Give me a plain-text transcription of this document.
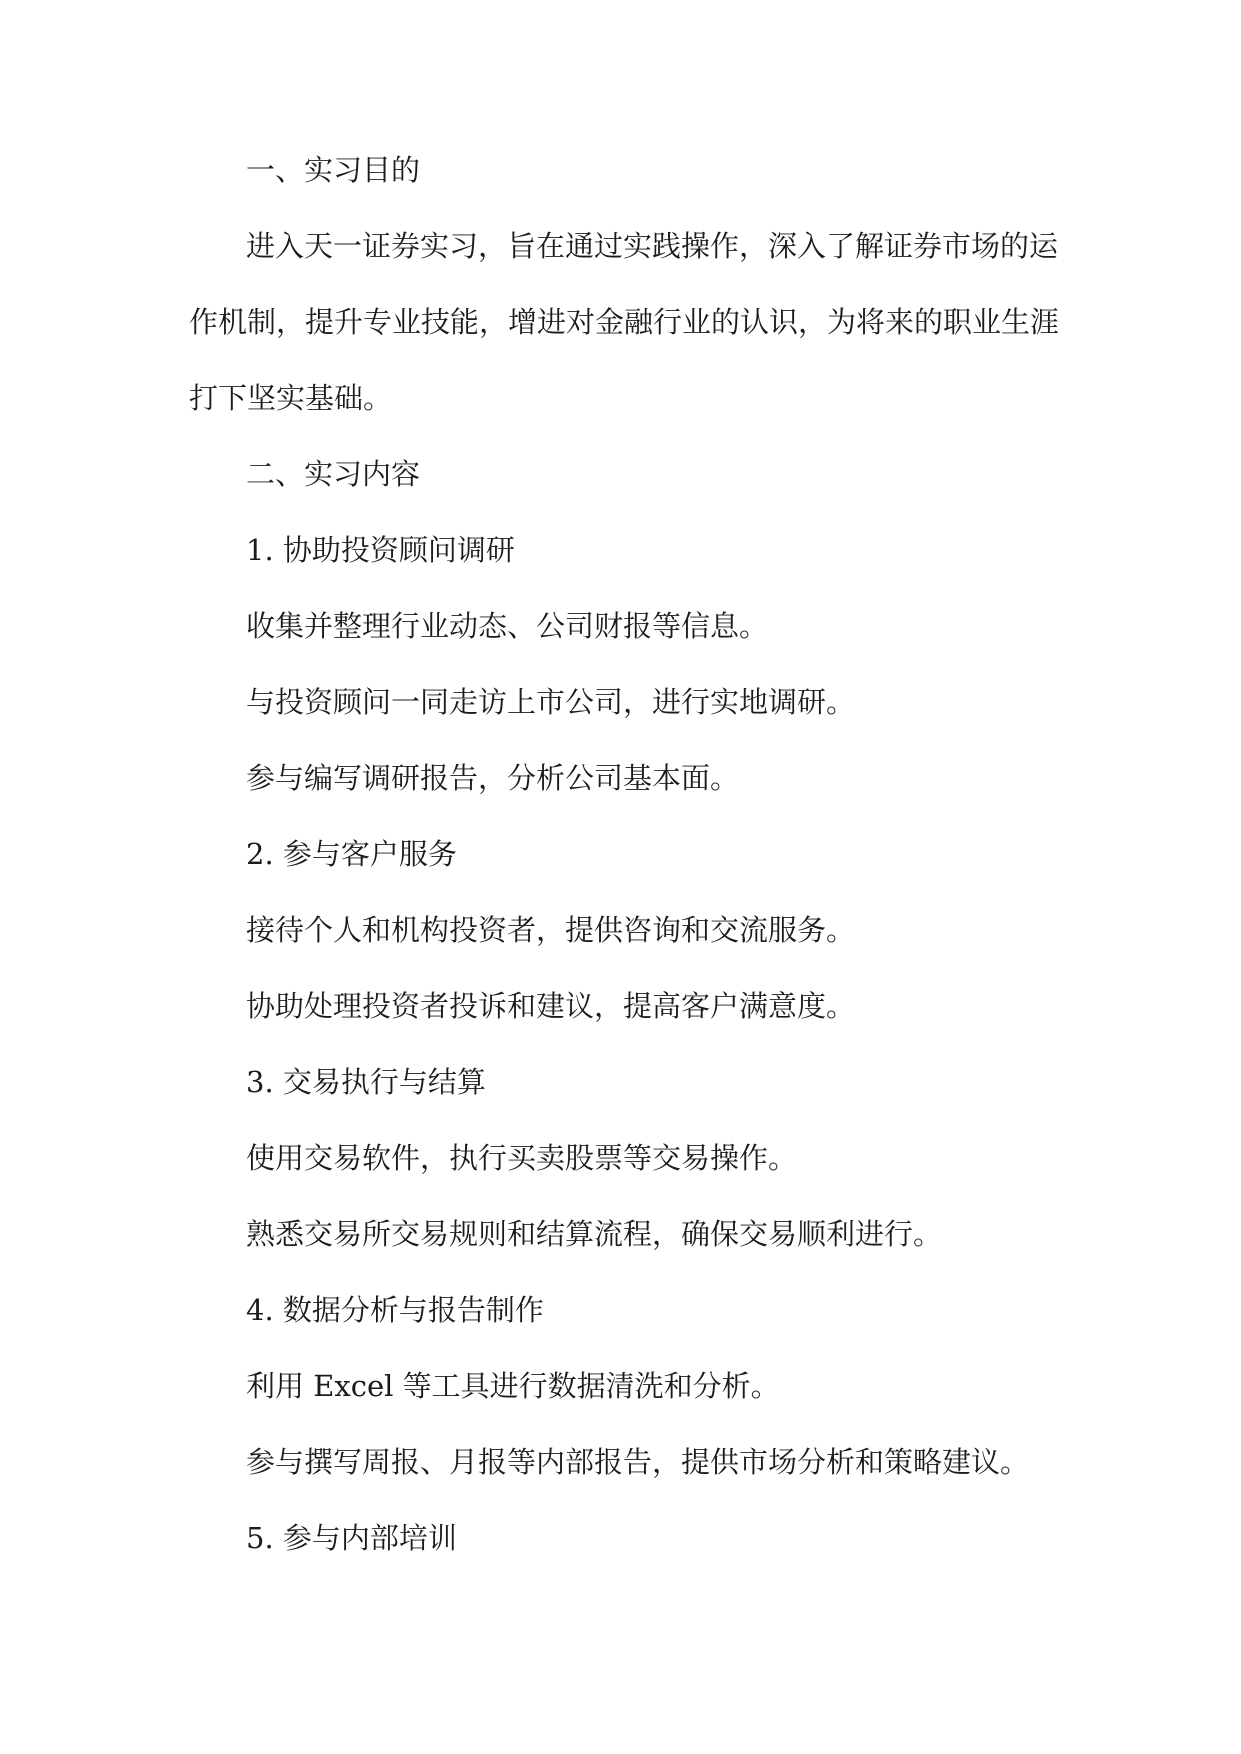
一、实习目的

进入天一证券实习，旨在通过实践操作，深入了解证券市场的运

作机制，提升专业技能，增进对金融行业的认识，为将来的职业生涯

打下坚实基础。

二、实习内容

1. 协助投资顾问调研

收集并整理行业动态、公司财报等信息。

与投资顾问一同走访上市公司，进行实地调研。

参与编写调研报告，分析公司基本面。

2. 参与客户服务

接待个人和机构投资者，提供咨询和交流服务。

协助处理投资者投诉和建议，提高客户满意度。

3. 交易执行与结算

使用交易软件，执行买卖股票等交易操作。

熟悉交易所交易规则和结算流程，确保交易顺利进行。

4. 数据分析与报告制作

利用 Excel 等工具进行数据清洗和分析。

参与撰写周报、月报等内部报告，提供市场分析和策略建议。

5. 参与内部培训
